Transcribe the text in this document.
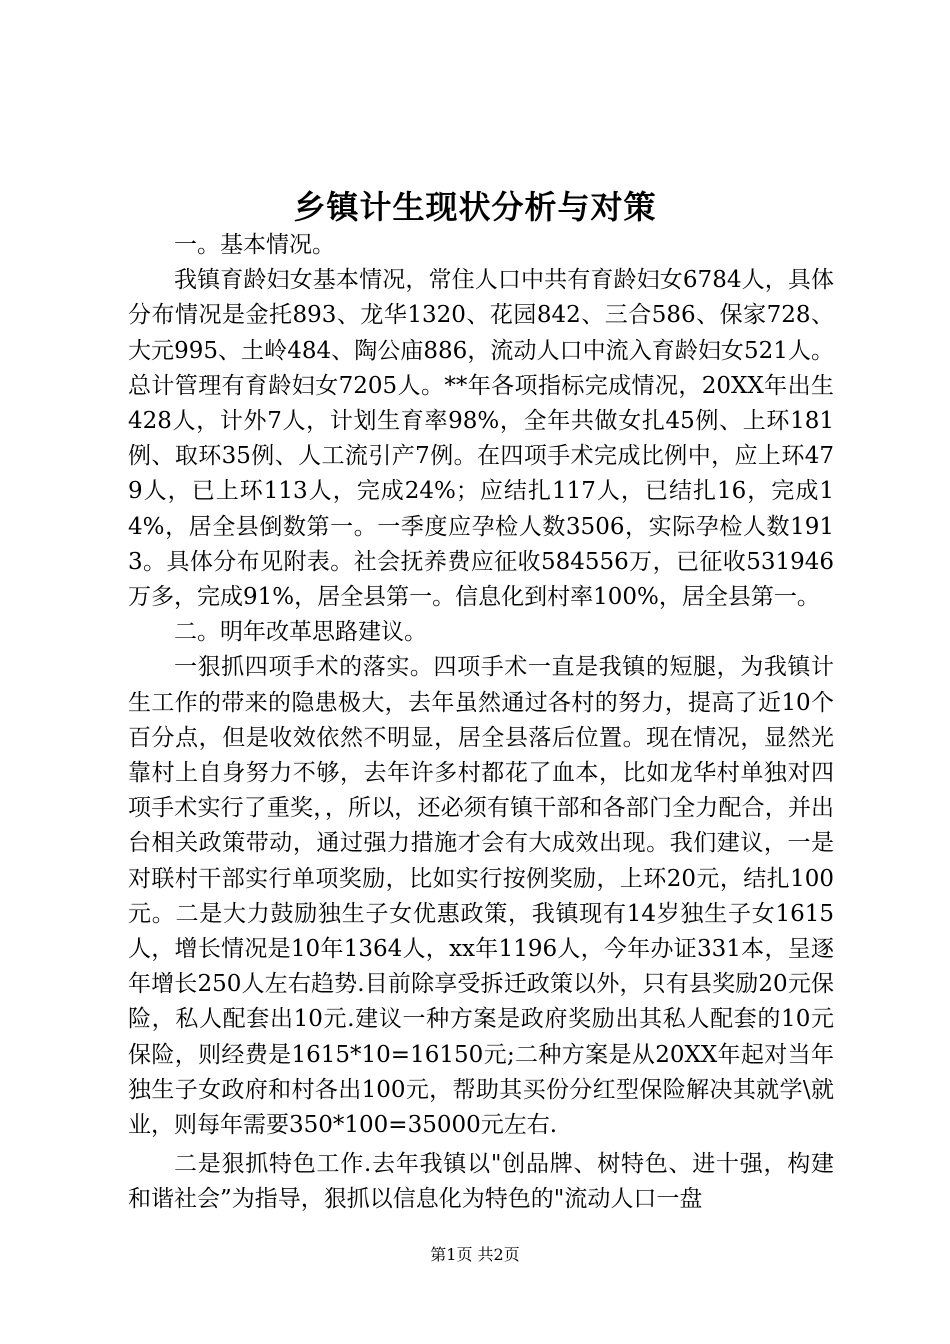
乡镇计生现状分析与对策

一。基本情况。

我镇育龄妇女基本情况，常住人口中共有育龄妇女6784人，具体分布情况是金托893、龙华1320、花园842、三合586、保家728、大元995、土岭484、陶公庙886，流动人口中流入育龄妇女521人。总计管理有育龄妇女7205人。**年各项指标完成情况，20XX年出生428人，计外7人，计划生育率98%，全年共做女扎45例、上环181例、取环35例、人工流引产7例。在四项手术完成比例中，应上环479人，已上环113人，完成24%；应结扎117人，已结扎16，完成14%，居全县倒数第一。一季度应孕检人数3506，实际孕检人数1913。具体分布见附表。社会抚养费应征收584556万，已征收531946万多，完成91%，居全县第一。信息化到村率100%，居全县第一。

二。明年改革思路建议。

一狠抓四项手术的落实。四项手术一直是我镇的短腿，为我镇计生工作的带来的隐患极大，去年虽然通过各村的努力，提高了近10个百分点，但是收效依然不明显，居全县落后位置。现在情况，显然光靠村上自身努力不够，去年许多村都花了血本，比如龙华村单独对四项手术实行了重奖，，所以，还必须有镇干部和各部门全力配合，并出台相关政策带动，通过强力措施才会有大成效出现。我们建议，一是对联村干部实行单项奖励，比如实行按例奖励，上环20元，结扎100元。二是大力鼓励独生子女优惠政策，我镇现有14岁独生子女1615人，增长情况是10年1364人，xx年1196人，今年办证331本，呈逐年增长250人左右趋势.目前除享受拆迁政策以外，只有县奖励20元保险，私人配套出10元.建议一种方案是政府奖励出其私人配套的10元保险，则经费是1615*10=16150元;二种方案是从20XX年起对当年独生子女政府和村各出100元，帮助其买份分红型保险解决其就学\就业，则每年需要350*100=35000元左右.

二是狠抓特色工作.去年我镇以"创品牌、树特色、进十强，构建和谐社会”为指导，狠抓以信息化为特色的"流动人口一盘

第1页 共2页
